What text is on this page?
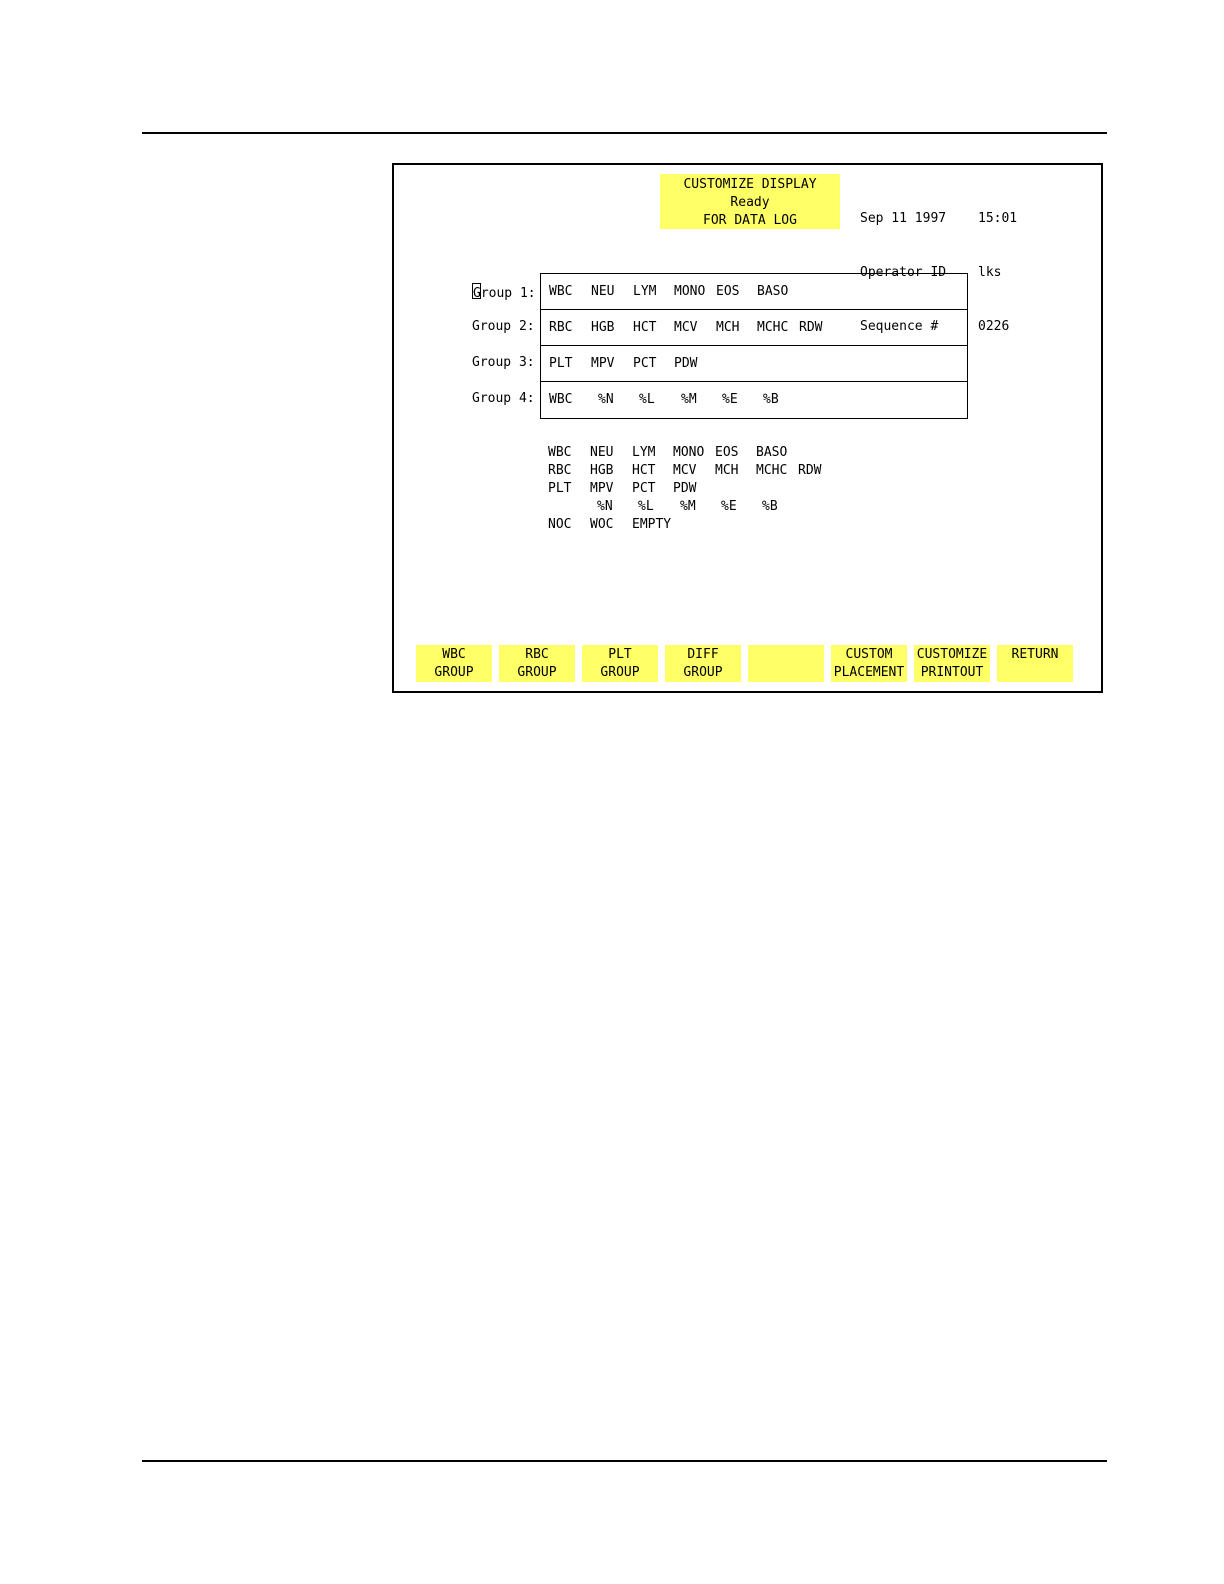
CUSTOMIZE DISPLAY
Ready
FOR DATA LOG

	Sep 11 1997

Operator ID

Sequence #

15:01

lks

0226

Group 1:
Group 2:
Group 3:
Group 4:
WBC NEU LYM MONO EOS BASO
RBC HGB HCT MCV MCH MCHC RDW
PLT MPV PCT PDW
WBC %N %L %M %E %B
WBC NEU LYM MONO EOS BASO
RBC HGB HCT MCV MCH MCHC RDW
PLT MPV PCT PDW
%N %L %M %E %B
NOC WOC EMPTY
WBC
GROUP
RBC
GROUP
PLT
GROUP
DIFF
GROUP
CUSTOM
PLACEMENT
CUSTOMIZE
PRINTOUT
RETURN
